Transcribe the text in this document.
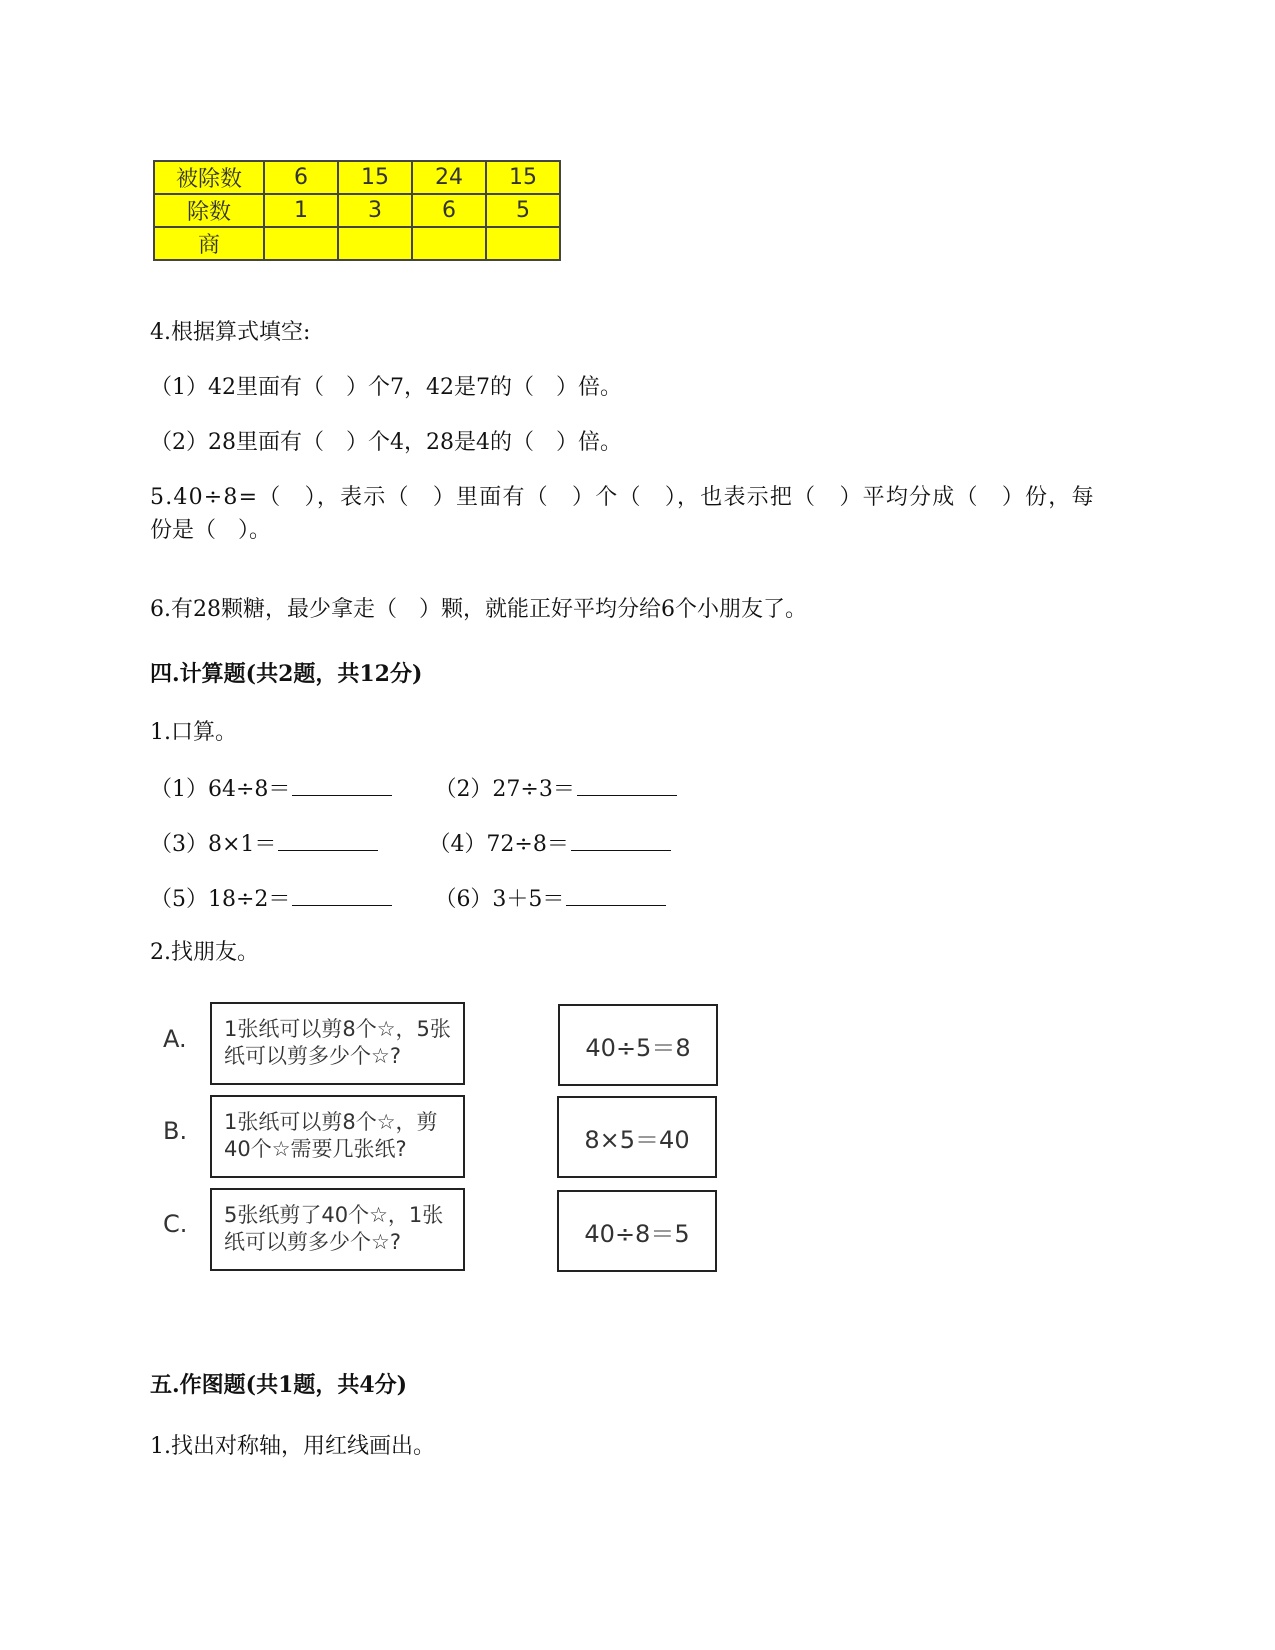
被除数	6	15	24	15
除数	1	3	6	5
商				
4.根据算式填空:
（1）42里面有（　）个7，42是7的（　）倍。
（2）28里面有（　）个4，28是4的（　）倍。
5.40÷8=（　），表示（　）里面有（　）个（　），也表示把（　）平均分成（　）份，每
份是（　）。
6.有28颗糖，最少拿走（　）颗，就能正好平均分给6个小朋友了。
四.计算题(共2题，共12分)
1.口算。
（1）64÷8＝	（2）27÷3＝
（3）8×1＝	（4）72÷8＝
（5）18÷2＝	（6）3＋5＝
2.找朋友。
A.
B.
C.
1张纸可以剪8个☆，5张纸可以剪多少个☆?
1张纸可以剪8个☆，剪40个☆需要几张纸?
5张纸剪了40个☆，1张纸可以剪多少个☆?
40÷5＝8
8×5＝40
40÷8＝5
五.作图题(共1题，共4分)
1.找出对称轴，用红线画出。
